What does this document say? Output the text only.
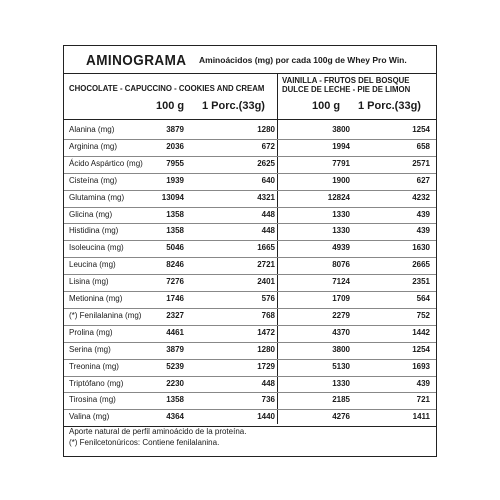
AMINOGRAMA Aminoácidos (mg) por cada 100g de Whey Pro Win.
CHOCOLATE - CAPUCCINO - COOKIES AND CREAM
VAINILLA - FRUTOS DEL BOSQUE
DULCE DE LECHE - PIE DE LIMON
100 g 1 Porc.(33g)	100 g 1 Porc.(33g)
Alanina (mg)	3879	1280	3800	1254
Arginina (mg)	2036	672	1994	658
Ácido Aspártico (mg)	7955	2625	7791	2571
Cisteína (mg)	1939	640	1900	627
Glutamina (mg)	13094	4321	12824	4232
Glicina (mg)	1358	448	1330	439
Histidina (mg)	1358	448	1330	439
Isoleucina (mg)	5046	1665	4939	1630
Leucina (mg)	8246	2721	8076	2665
Lisina (mg)	7276	2401	7124	2351
Metionina (mg)	1746	576	1709	564
(*) Fenilalanina (mg)	2327	768	2279	752
Prolina (mg)	4461	1472	4370	1442
Serina (mg)	3879	1280	3800	1254
Treonina (mg)	5239	1729	5130	1693
Triptófano (mg)	2230	448	1330	439
Tirosina (mg)	1358	736	2185	721
Valina (mg)	4364	1440	4276	1411
Aporte natural de perfil aminoácido de la proteína.
(*) Fenilcetonúricos: Contiene fenilalanina.
